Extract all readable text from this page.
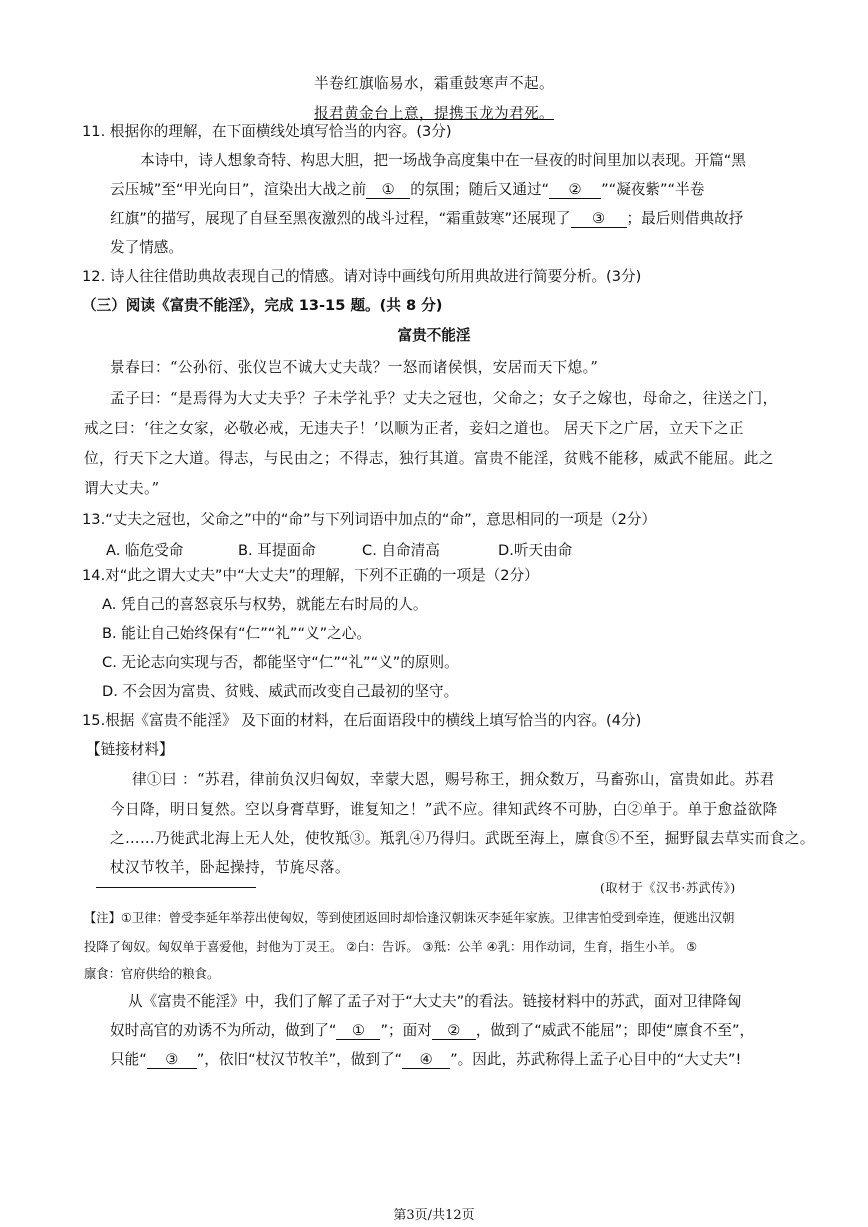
半卷红旗临易水，霜重鼓寒声不起。
报君黄金台上意，提携玉龙为君死。
11. 根据你的理解，在下面横线处填写恰当的内容。(3分)
本诗中，诗人想象奇特、构思大胆，把一场战争高度集中在一昼夜的时间里加以表现。开篇“黑
云压城”至“甲光向日”，渲染出大战之前 ① 的氛围；随后又通过“ ② ”“凝夜紫”“半卷
红旗”的描写，展现了自昼至黑夜激烈的战斗过程，“霜重鼓寒”还展现了 ③ ；最后则借典故抒
发了情感。
12. 诗人往往借助典故表现自己的情感。请对诗中画线句所用典故进行简要分析。(3分)
（三）阅读《富贵不能淫》，完成 13-15 题。(共 8 分)
富贵不能淫
景春曰：“公孙衍、张仪岂不诚大丈夫哉？一怒而诸侯惧，安居而天下熄。”
孟子曰：“是焉得为大丈夫乎？子未学礼乎？丈夫之冠也，父命之；女子之嫁也，母命之，往送之门，
戒之曰：‘往之女家，必敬必戒，无违夫子！’以顺为正者，妾妇之道也。 居天下之广居，立天下之正
位，行天下之大道。得志，与民由之；不得志，独行其道。富贵不能淫，贫贱不能移，威武不能屈。此之
谓大丈夫。”
13.“丈夫之冠也，父命之”中的“命”与下列词语中加点的“命”，意思相同的一项是（2分）
A. 临危受命	B. 耳提面命	C. 自命清高	D.听天由命
14.对“此之谓大丈夫”中“大丈夫”的理解，下列不正确的一项是（2分）
A. 凭自己的喜怒哀乐与权势，就能左右时局的人。
B. 能让自己始终保有“仁”“礼”“义”之心。
C. 无论志向实现与否，都能坚守“仁”“礼”“义”的原则。
D. 不会因为富贵、贫贱、威武而改变自己最初的坚守。
15.根据《富贵不能淫》 及下面的材料，在后面语段中的横线上填写恰当的内容。(4分)
【链接材料】
律①曰 ：“苏君，律前负汉归匈奴，幸蒙大恩，赐号称王，拥众数万，马畜弥山，富贵如此。苏君
今日降，明日复然。空以身膏草野，谁复知之！”武不应。律知武终不可胁，白②单于。单于愈益欲降
之……乃徙武北海上无人处，使牧羝③。羝乳④乃得归。武既至海上，廪食⑤不至，掘野鼠去草实而食之。
杖汉节牧羊，卧起操持，节旄尽落。
(取材于《汉书·苏武传》)
【注】①卫律：曾受李延年举荐出使匈奴，等到使团返回时却恰逢汉朝诛灭李延年家族。卫律害怕受到牵连，便逃出汉朝
投降了匈奴。匈奴单于喜爱他，封他为丁灵王。 ②白：告诉。 ③羝：公羊 ④乳：用作动词，生育，指生小羊。 ⑤
廪食：官府供给的粮食。
从《富贵不能淫》中，我们了解了孟子对于“大丈夫”的看法。链接材料中的苏武，面对卫律降匈
奴时高官的劝诱不为所动，做到了“ ① ”；面对 ② ，做到了“威武不能屈”；即使“廪食不至”，
只能“ ③ ”，依旧“杖汉节牧羊”，做到了“ ④ ”。因此，苏武称得上孟子心目中的“大丈夫”!
第3页/共12页
